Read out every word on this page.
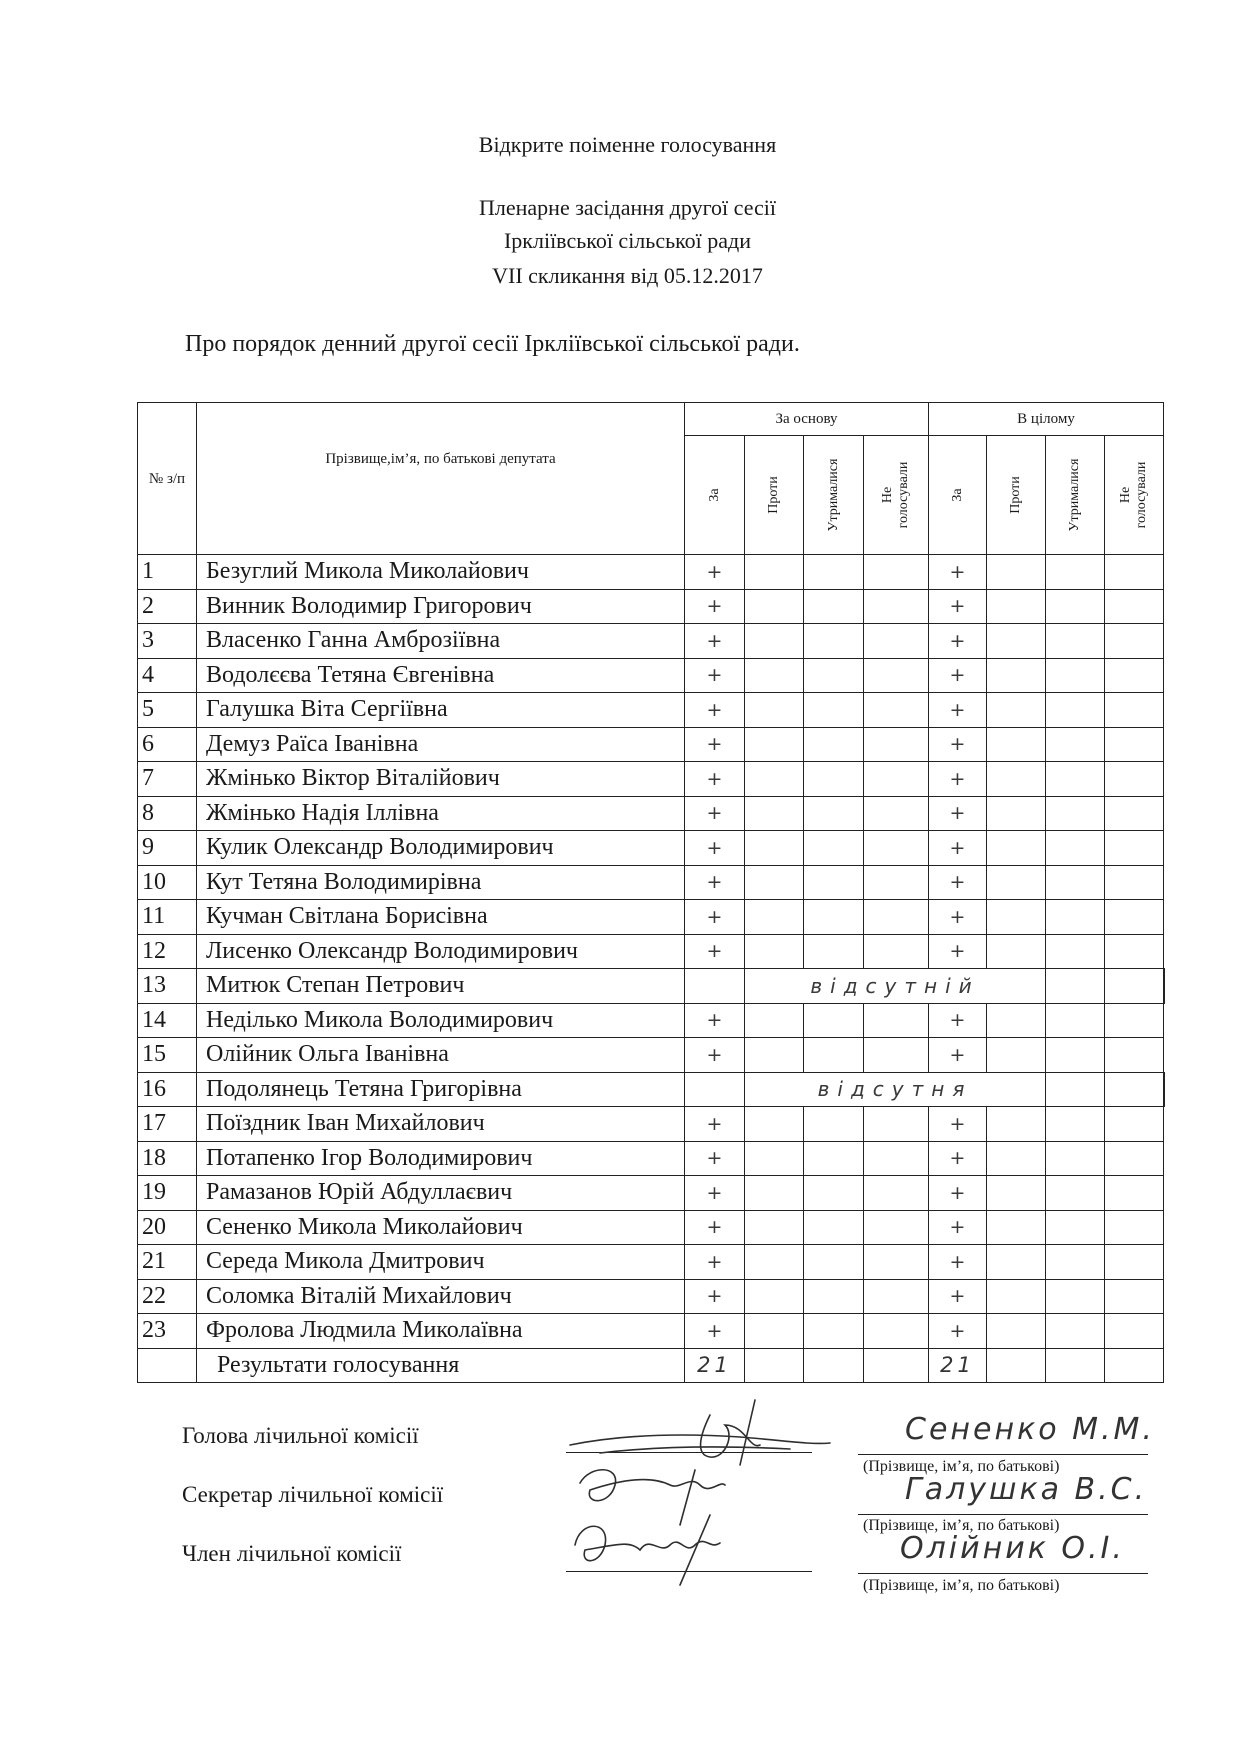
Відкрите поіменне голосування
Пленарне засідання другої сесії
Ірклiївської сiльської ради
VII скликання від 05.12.2017
Про порядок денний другої сесії Ірклiївської сiльської ради.
№ з/п	Прізвище,ім’я, по батькові депутата	За основу				В цілому				

		За	Проти	Утрималися	Не голосували	За	Проти	Утрималися	Не голосували	

1	Безуглий Микола Миколайович	+				+				
2	Винник Володимир Григорович	+				+				
3	Власенко Ганна Амброзіївна	+				+				
4	Водолєєва Тетяна Євгенівна	+				+				
5	Галушка Віта Сергіївна	+				+				
6	Демуз Раїса Іванівна	+				+				
7	Жмінько Віктор Віталійович	+				+				
8	Жмінько Надія Іллівна	+				+				
9	Кулик Олександр Володимирович	+				+				
10	Кут Тетяна Володимирівна	+				+				
11	Кучман Світлана Борисівна	+				+				
12	Лисенко Олександр Володимирович	+				+				
13	Митюк Степан Петрович		відсутній							
14	Неділько Микола Володимирович	+				+				
15	Олійник Ольга Іванівна	+				+				
16	Подолянець Тетяна Григорівна		відсутня							
17	Поїздник Іван Михайлович	+				+				
18	Потапенко Ігор Володимирович	+				+				
19	Рамазанов Юрій Абдуллаєвич	+				+				
20	Сененко Микола Миколайович	+				+				
21	Середа Микола Дмитрович	+				+				
22	Соломка Віталій Михайлович	+				+				
23	Фролова Людмила Миколаївна	+				+				
	Результати голосування	21				21				
Голова лічильної комісії
Секретар лічильної комісії
Член лічильної комісії
Сененко М.М.
Галушка В.С.
Олійник О.І.
(Прізвище, ім’я, по батькові)
(Прізвище, ім’я, по батькові)
(Прізвище, ім’я, по батькові)
